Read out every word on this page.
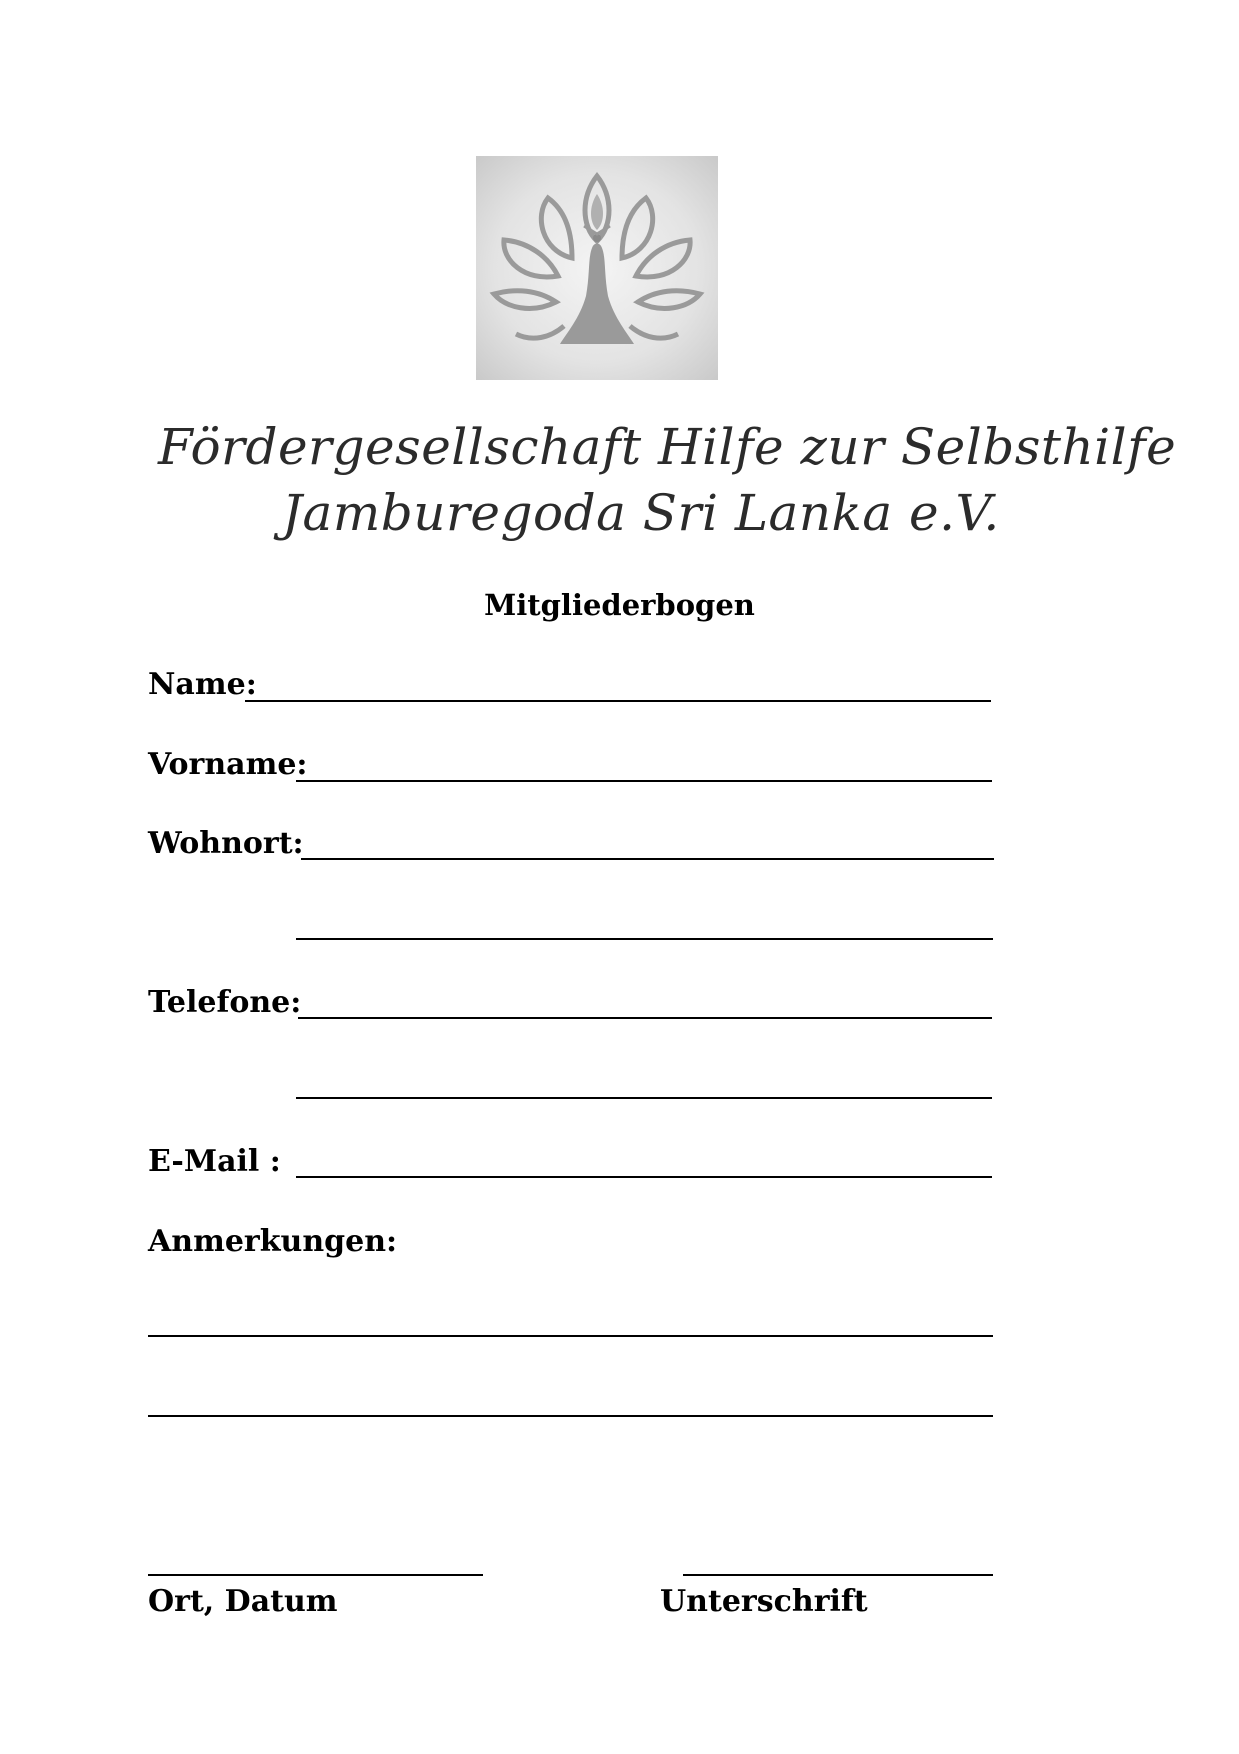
Fördergesellschaft Hilfe zur Selbsthilfe
Jamburegoda Sri Lanka e.V.
Mitgliederbogen
Name:
Vorname:
Wohnort:
Telefone:
E-Mail :
Anmerkungen:
Ort, Datum	Unterschrift
